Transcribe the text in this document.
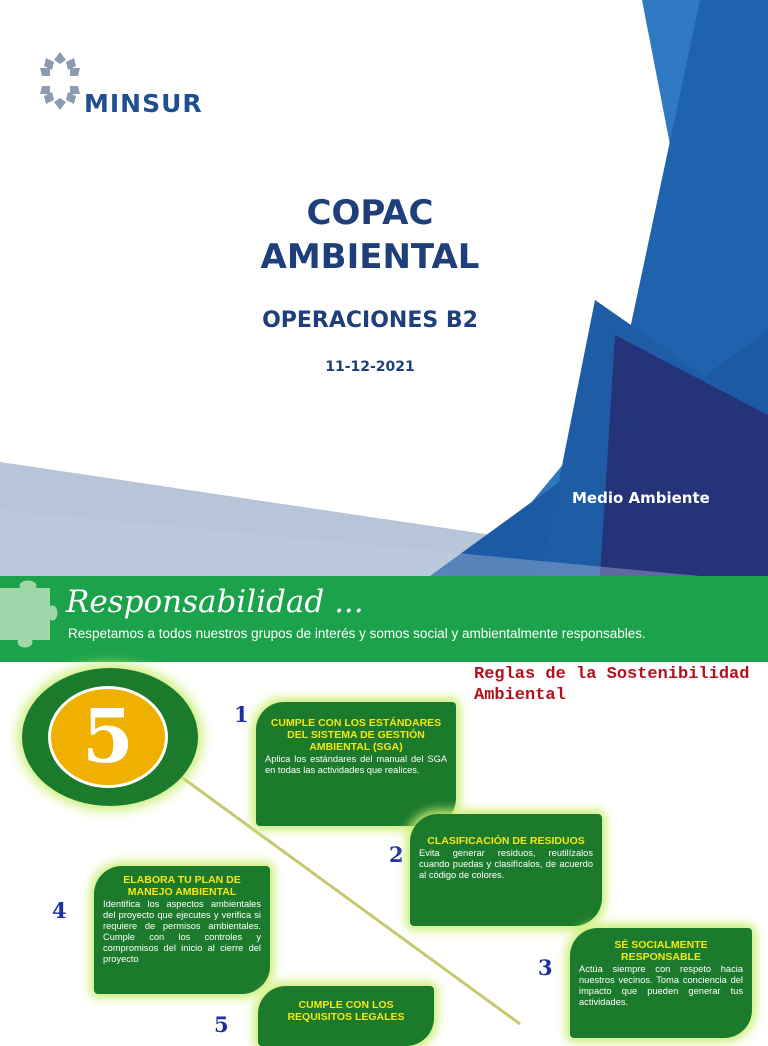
MINSUR
COPAC
AMBIENTAL
OPERACIONES B2
11-12-2021
Medio Ambiente
Responsabilidad ...
Respetamos a todos nuestros grupos de interés y somos social y ambientalmente responsables.
Reglas de la Sostenibilidad
Ambiental
5	1	CUMPLE CON LOS ESTÁNDARES DEL SISTEMA DE GESTIÓN AMBIENTAL (SGA)
Aplica los estándares del manual del SGA en todas las actividades que realices.
2
CLASIFICACIÓN DE RESIDUOS
Evita generar residuos, reutilízalos cuando puedas y clasifícalos, de acuerdo al código de colores.
3
SÉ SOCIALMENTE RESPONSABLE
Actúa siempre con respeto hacia nuestros vecinos. Toma conciencia del impacto que pueden generar tus actividades.
4
ELABORA TU PLAN DE MANEJO AMBIENTAL
Identifica los aspectos ambientales del proyecto que ejecutes y verifica si requiere de permisos ambientales. Cumple con los controles y compromisos del inicio al cierre del proyecto
5
CUMPLE CON LOS REQUISITOS LEGALES
